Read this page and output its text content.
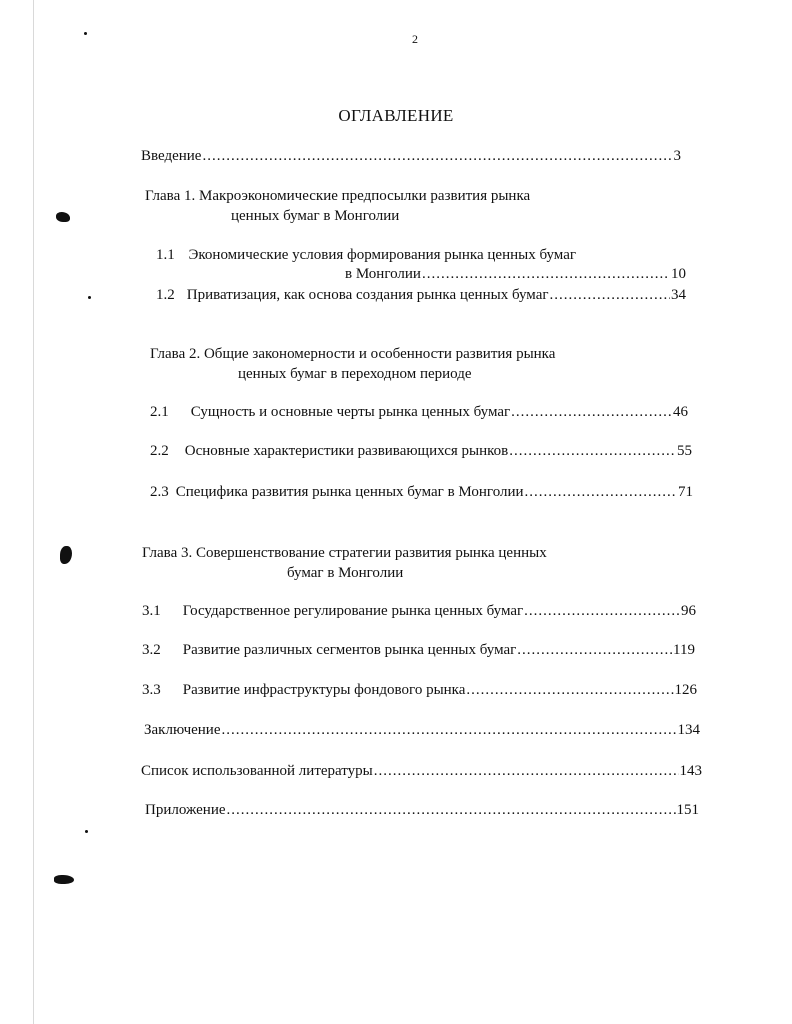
2
ОГЛАВЛЕНИЕ
Введение .....	3
Глава 1. Макроэкономические предпосылки развития рынка
ценных бумаг в Монголии
1.1 Экономические условия формирования рынка ценных бумаг
в Монголии .....	10
1.2 Приватизация, как основа создания рынка ценных бумаг .....	34
Глава 2. Общие закономерности и особенности развития рынка
ценных бумаг в переходном периоде
2.1 Сущность и основные черты рынка ценных бумаг .....	46
2.2 Основные характеристики развивающихся рынков .....	55
2.3 Специфика развития рынка ценных бумаг в Монголии .....	71
Глава 3. Совершенствование стратегии развития рынка ценных
бумаг в Монголии
3.1 Государственное регулирование рынка ценных бумаг .....	96
3.2 Развитие различных сегментов рынка ценных бумаг .....	119
3.3 Развитие инфраструктуры фондового рынка .....	126
Заключение .....	134
Список использованной литературы .....	143
Приложение .....	151
